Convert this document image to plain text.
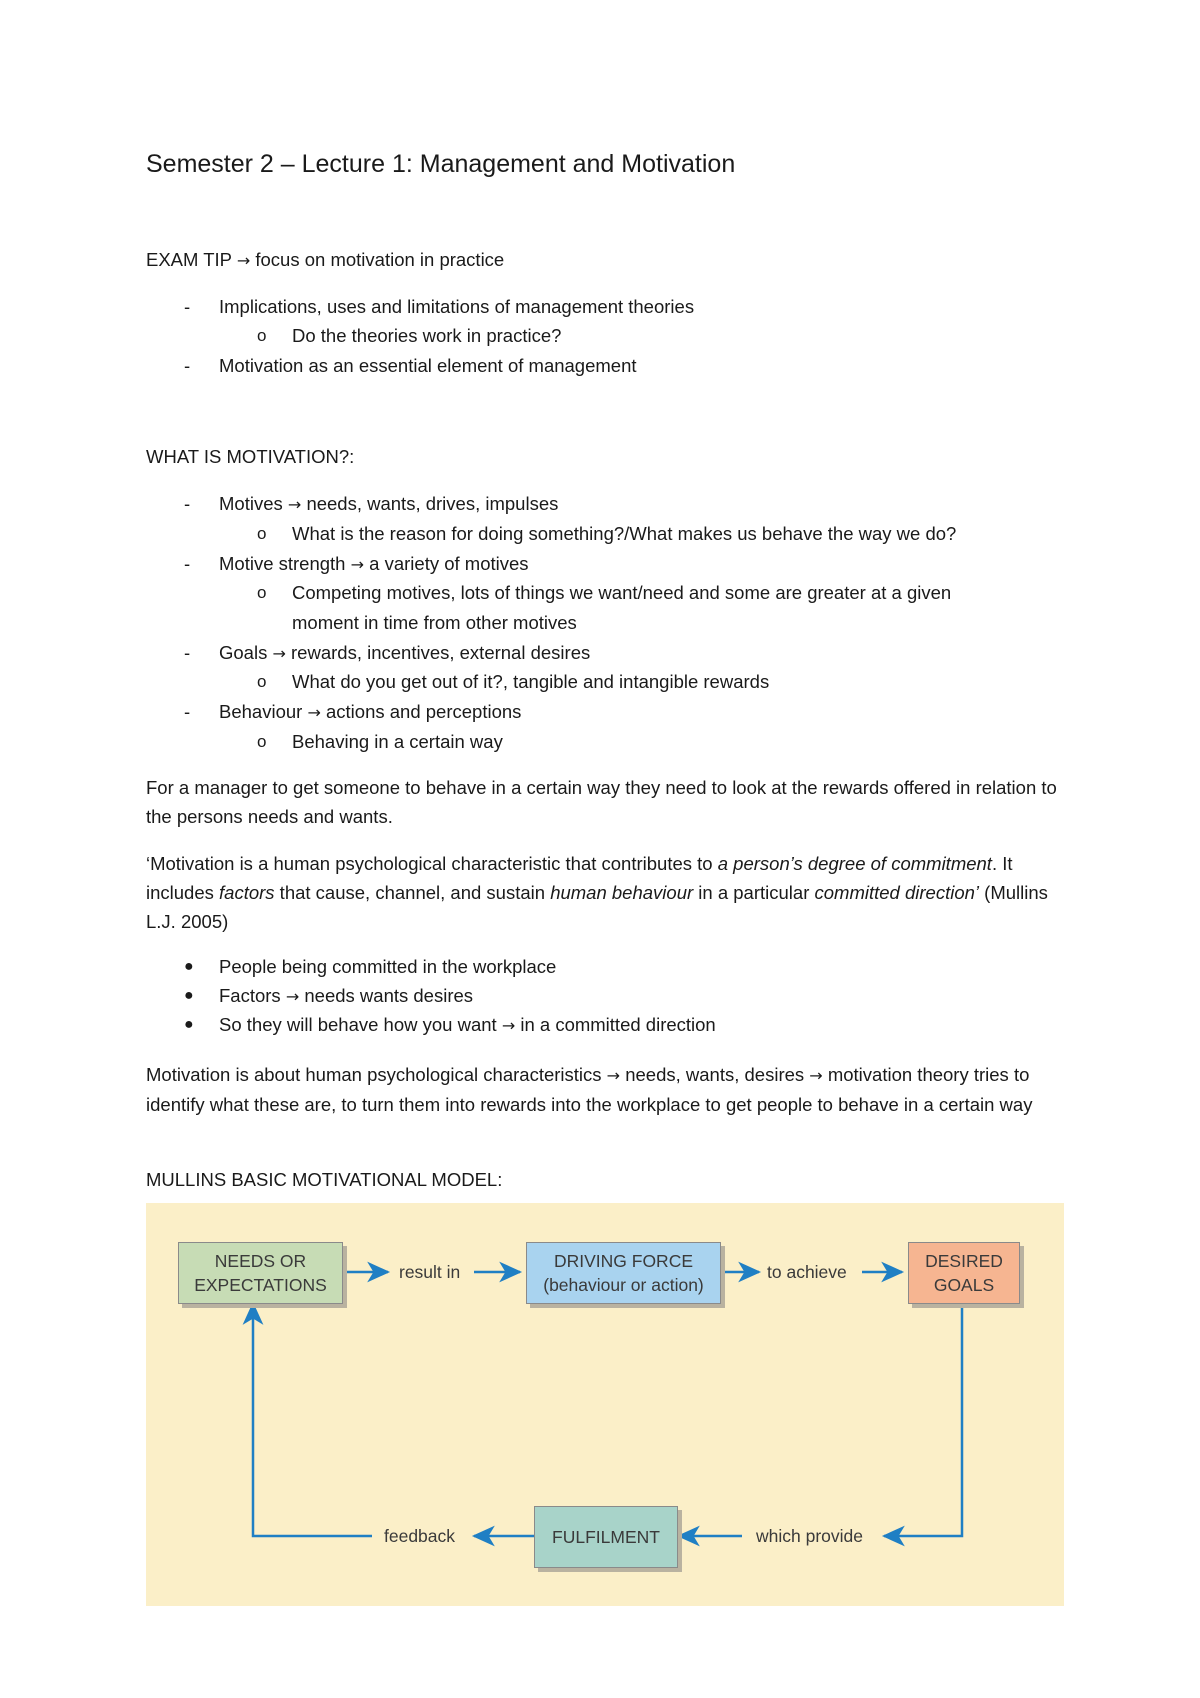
Semester 2 – Lecture 1: Management and Motivation
EXAM TIP → focus on motivation in practice
- Implications, uses and limitations of management theories
o Do the theories work in practice?
- Motivation as an essential element of management
WHAT IS MOTIVATION?:
- Motives → needs, wants, drives, impulses
o What is the reason for doing something?/What makes us behave the way we do?
- Motive strength → a variety of motives
o Competing motives, lots of things we want/need and some are greater at a given
moment in time from other motives
- Goals → rewards, incentives, external desires
o What do you get out of it?, tangible and intangible rewards
- Behaviour → actions and perceptions
o Behaving in a certain way
For a manager to get someone to behave in a certain way they need to look at the rewards offered in relation to the persons needs and wants.
‘Motivation is a human psychological characteristic that contributes to a person’s degree of commitment. It includes factors that cause, channel, and sustain human behaviour in a particular committed direction’ (Mullins L.J. 2005)
● People being committed in the workplace
● Factors → needs wants desires
● So they will behave how you want → in a committed direction
Motivation is about human psychological characteristics → needs, wants, desires → motivation theory tries to identify what these are, to turn them into rewards into the workplace to get people to behave in a certain way
MULLINS BASIC MOTIVATIONAL MODEL:
NEEDS OR
EXPECTATIONS
DRIVING FORCE
(behaviour or action)
DESIRED
GOALS
FULFILMENT
result in	to achieve
which provide
feedback
